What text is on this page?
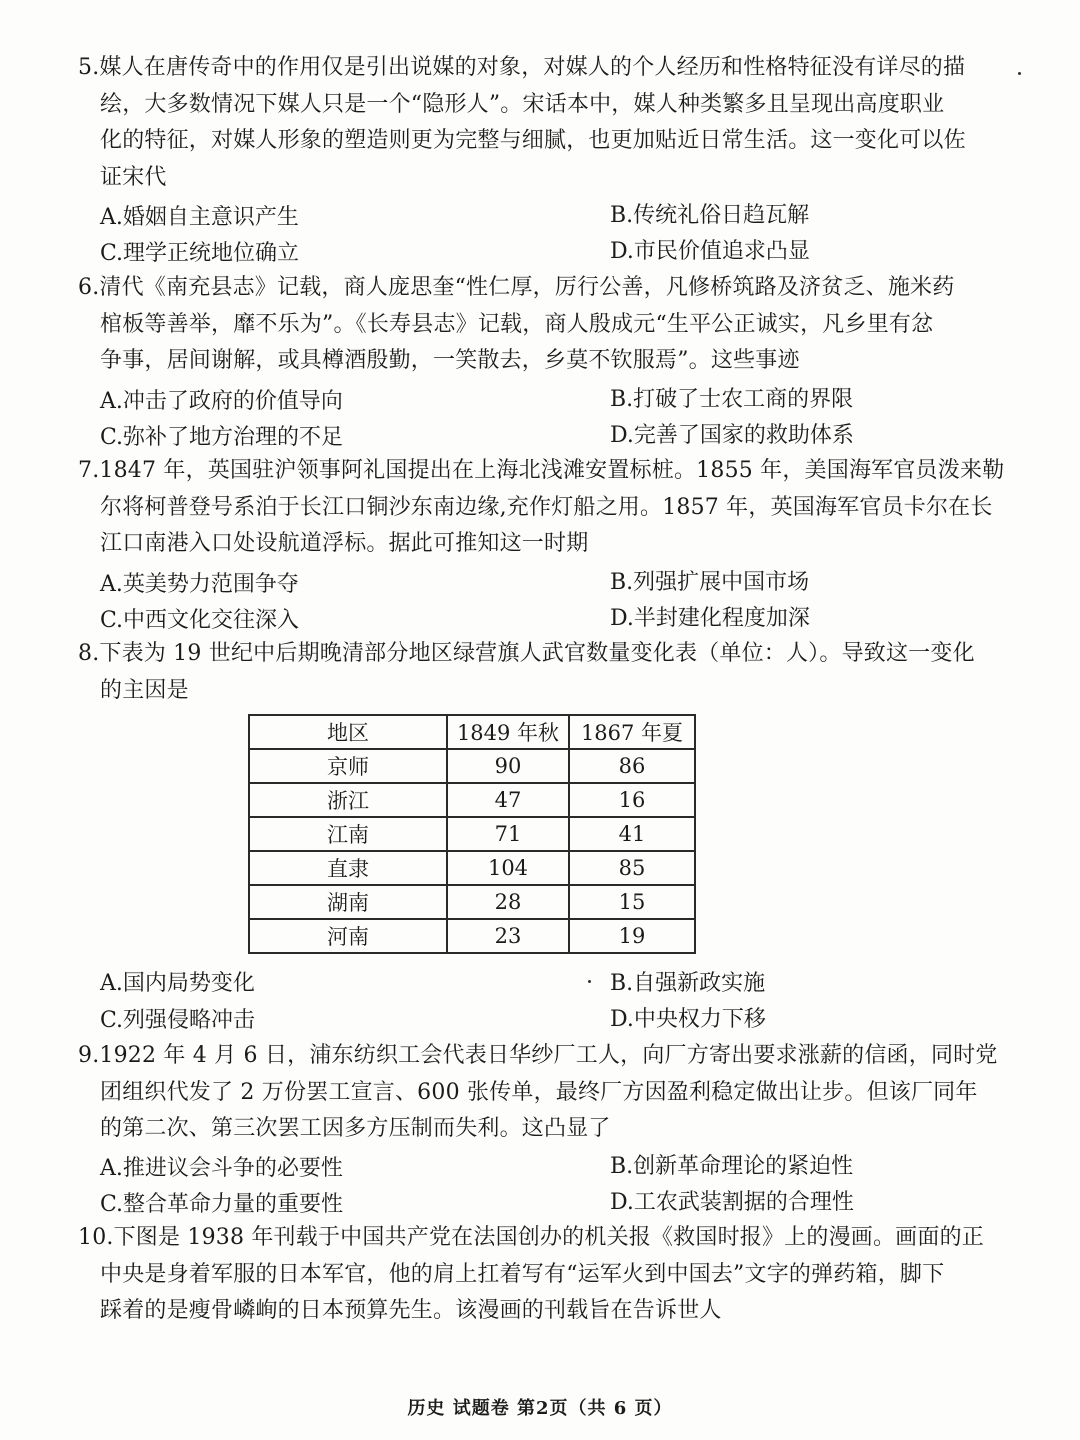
5.媒人在唐传奇中的作用仅是引出说媒的对象，对媒人的个人经历和性格特征没有详尽的描
绘，大多数情况下媒人只是一个“隐形人”。宋话本中，媒人种类繁多且呈现出高度职业
化的特征，对媒人形象的塑造则更为完整与细腻，也更加贴近日常生活。这一变化可以佐
证宋代
A.婚姻自主意识产生	B.传统礼俗日趋瓦解
C.理学正统地位确立	D.市民价值追求凸显
6.清代《南充县志》记载，商人庞思奎“性仁厚，厉行公善，凡修桥筑路及济贫乏、施米药
棺板等善举，靡不乐为”。《长寿县志》记载，商人殷成元“生平公正诚实，凡乡里有忿
争事，居间谢解，或具樽酒殷勤，一笑散去，乡莫不钦服焉”。这些事迹
A.冲击了政府的价值导向	B.打破了士农工商的界限
C.弥补了地方治理的不足	D.完善了国家的救助体系
7.1847 年，英国驻沪领事阿礼国提出在上海北浅滩安置标桩。1855 年，美国海军官员泼来勒
尔将柯普登号系泊于长江口铜沙东南边缘,充作灯船之用。1857 年，英国海军官员卡尔在长
江口南港入口处设航道浮标。据此可推知这一时期
A.英美势力范围争夺	B.列强扩展中国市场
C.中西文化交往深入	D.半封建化程度加深
8.下表为 19 世纪中后期晚清部分地区绿营旗人武官数量变化表（单位：人）。导致这一变化
的主因是
地区	1849 年秋	1867 年夏
京师	90	86
浙江	47	16
江南	71	41
直隶	104	85
湖南	28	15
河南	23	19
A.国内局势变化	B.自强新政实施
C.列强侵略冲击	D.中央权力下移
9.1922 年 4 月 6 日，浦东纺织工会代表日华纱厂工人，向厂方寄出要求涨薪的信函，同时党
团组织代发了 2 万份罢工宣言、600 张传单，最终厂方因盈利稳定做出让步。但该厂同年
的第二次、第三次罢工因多方压制而失利。这凸显了
A.推进议会斗争的必要性	B.创新革命理论的紧迫性
C.整合革命力量的重要性	D.工农武装割据的合理性
10.下图是 1938 年刊载于中国共产党在法国创办的机关报《救国时报》上的漫画。画面的正
中央是身着军服的日本军官，他的肩上扛着写有“运军火到中国去”文字的弹药箱，脚下
踩着的是瘦骨嶙峋的日本预算先生。该漫画的刊载旨在告诉世人
历史 试题卷 第2页（共 6 页）
